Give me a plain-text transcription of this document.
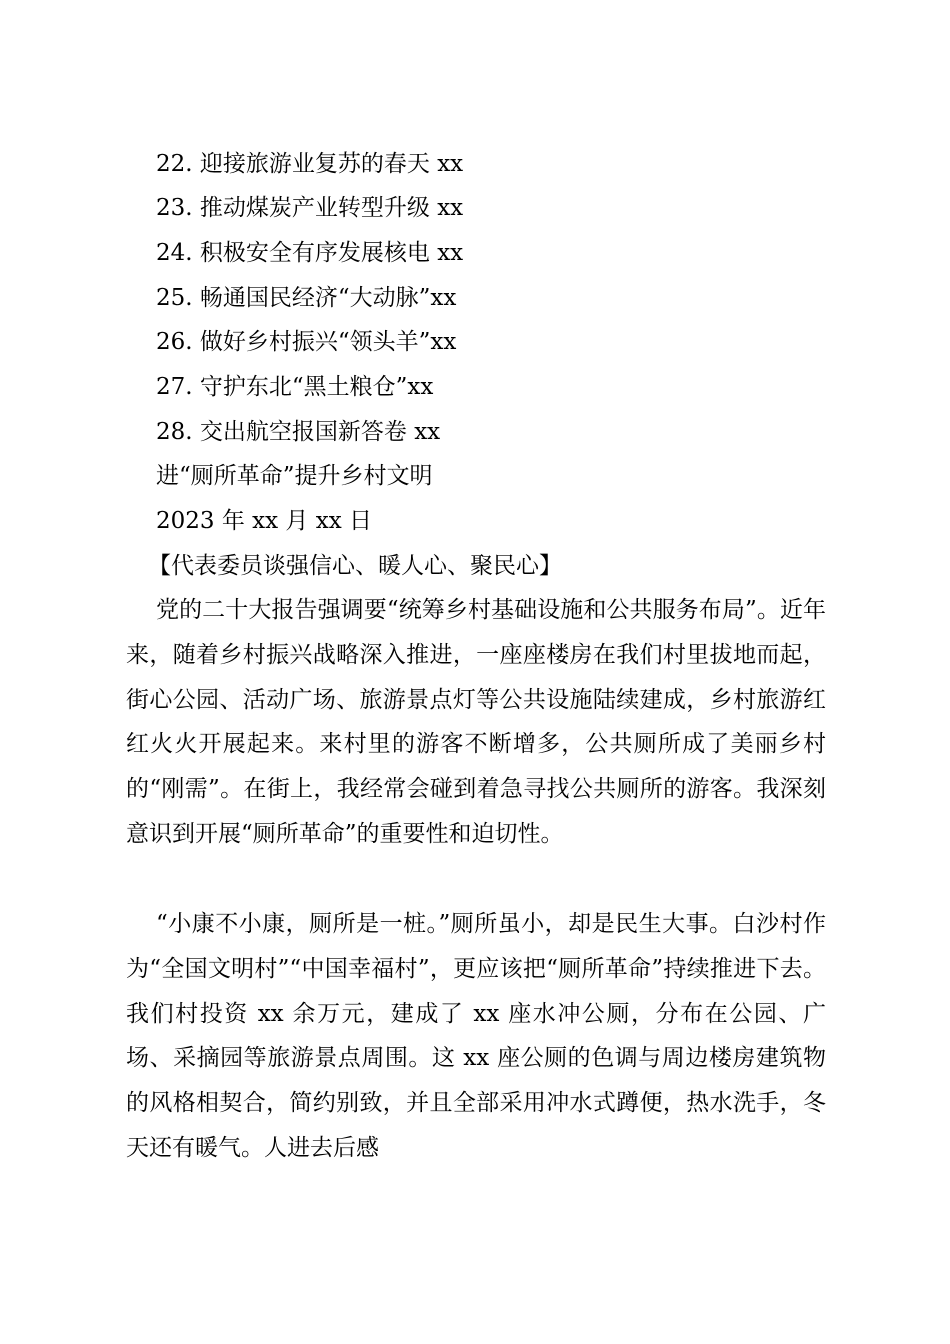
22. 迎接旅游业复苏的春天 xx
23. 推动煤炭产业转型升级 xx
24. 积极安全有序发展核电 xx
25. 畅通国民经济“大动脉”xx
26. 做好乡村振兴“领头羊”xx
27. 守护东北“黑土粮仓”xx
28. 交出航空报国新答卷 xx
进“厕所革命”提升乡村文明
2023 年 xx 月 xx 日
【代表委员谈强信心、暖人心、聚民心】
党的二十大报告强调要“统筹乡村基础设施和公共服务布局”。近年来，随着乡村振兴战略深入推进，一座座楼房在我们村里拔地而起，街心公园、活动广场、旅游景点灯等公共设施陆续建成，乡村旅游红红火火开展起来。来村里的游客不断增多，公共厕所成了美丽乡村的“刚需”。在街上，我经常会碰到着急寻找公共厕所的游客。我深刻意识到开展“厕所革命”的重要性和迫切性。
“小康不小康，厕所是一桩。”厕所虽小，却是民生大事。白沙村作为“全国文明村”“中国幸福村”，更应该把“厕所革命”持续推进下去。我们村投资 xx 余万元，建成了 xx 座水冲公厕，分布在公园、广场、采摘园等旅游景点周围。这 xx 座公厕的色调与周边楼房建筑物的风格相契合，简约别致，并且全部采用冲水式蹲便，热水洗手，冬天还有暖气。人进去后感
